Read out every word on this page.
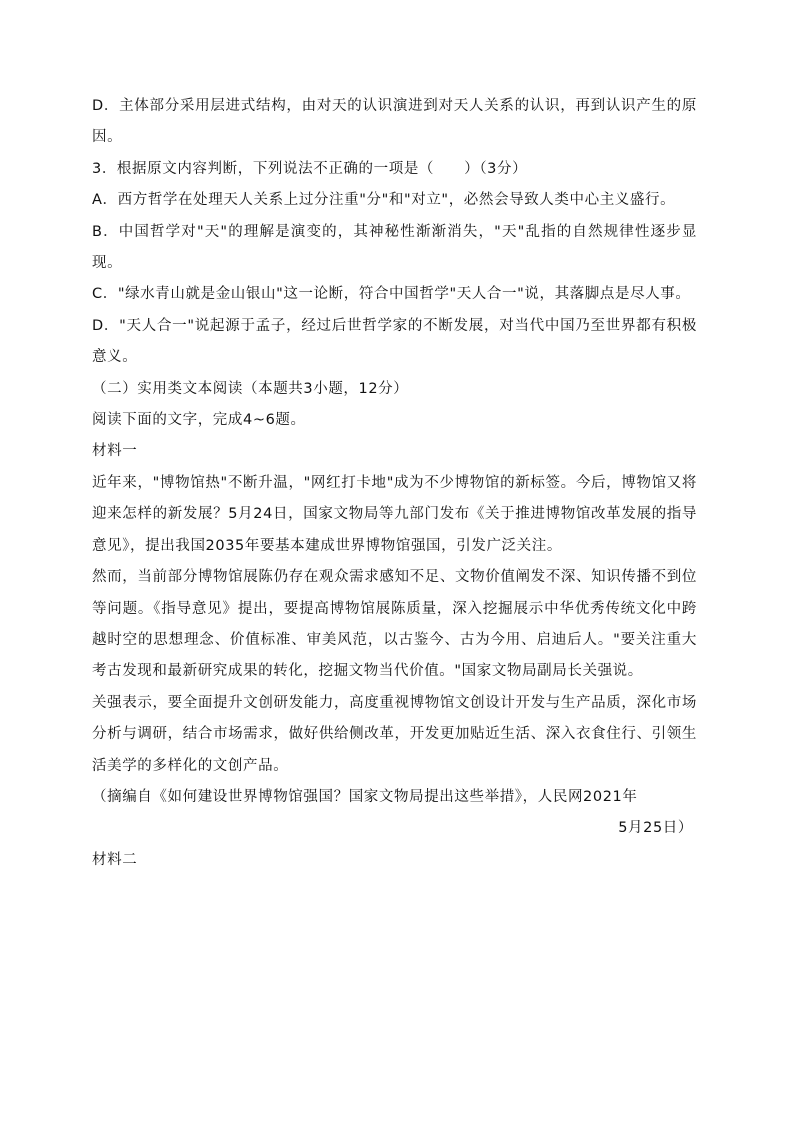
D．主体部分采用层进式结构，由对天的认识演进到对天人关系的认识，再到认识产生的原因。

3．根据原文内容判断，下列说法不正确的一项是（　　）（3分）

A．西方哲学在处理天人关系上过分注重"分"和"对立"，必然会导致人类中心主义盛行。

B．中国哲学对"天"的理解是演变的，其神秘性渐渐消失，"天"乱指的自然规律性逐步显现。

C．"绿水青山就是金山银山"这一论断，符合中国哲学"天人合一"说，其落脚点是尽人事。

D．"天人合一"说起源于孟子，经过后世哲学家的不断发展，对当代中国乃至世界都有积极意义。

（二）实用类文本阅读（本题共3小题，12分）

阅读下面的文字，完成4~6题。

材料一

近年来，"博物馆热"不断升温，"网红打卡地"成为不少博物馆的新标签。今后，博物馆又将迎来怎样的新发展？5月24日，国家文物局等九部门发布《关于推进博物馆改革发展的指导意见》，提出我国2035年要基本建成世界博物馆强国，引发广泛关注。

然而，当前部分博物馆展陈仍存在观众需求感知不足、文物价值阐发不深、知识传播不到位等问题。《指导意见》提出，要提高博物馆展陈质量，深入挖掘展示中华优秀传统文化中跨越时空的思想理念、价值标准、审美风范，以古鉴今、古为今用、启迪后人。"要关注重大考古发现和最新研究成果的转化，挖掘文物当代价值。"国家文物局副局长关强说。

关强表示，要全面提升文创研发能力，高度重视博物馆文创设计开发与生产品质，深化市场分析与调研，结合市场需求，做好供给侧改革，开发更加贴近生活、深入衣食住行、引领生活美学的多样化的文创产品。

（摘编自《如何建设世界博物馆强国？国家文物局提出这些举措》，人民网2021年

5月25日）

材料二
